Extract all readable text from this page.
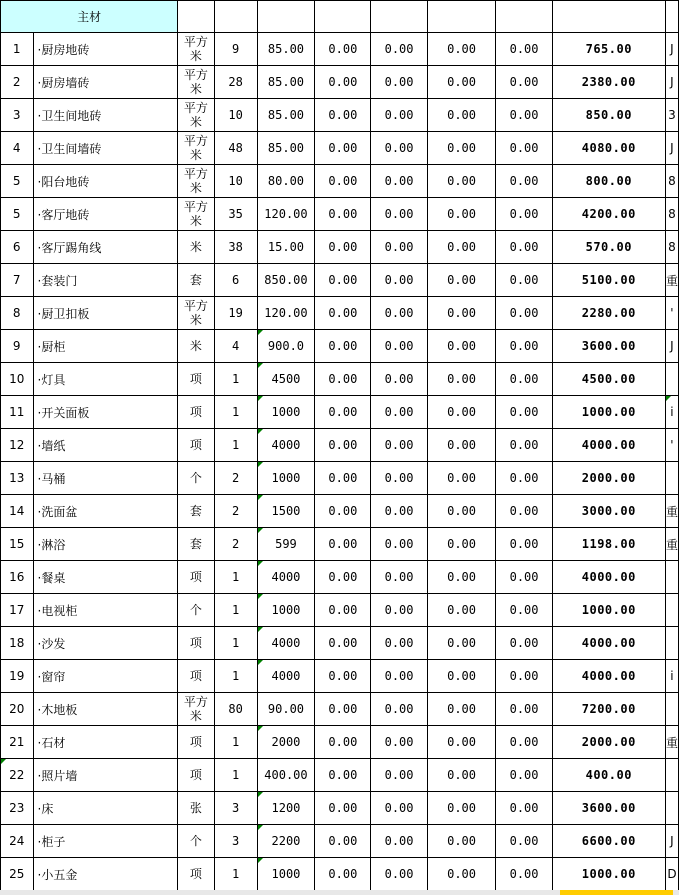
主材										
1	·厨房地砖	平方米	9	85.00	0.00	0.00	0.00	0.00	765.00	J
2	·厨房墙砖	平方米	28	85.00	0.00	0.00	0.00	0.00	2380.00	J
3	·卫生间地砖	平方米	10	85.00	0.00	0.00	0.00	0.00	850.00	3
4	·卫生间墙砖	平方米	48	85.00	0.00	0.00	0.00	0.00	4080.00	J
5	·阳台地砖	平方米	10	80.00	0.00	0.00	0.00	0.00	800.00	8
5	·客厅地砖	平方米	35	120.00	0.00	0.00	0.00	0.00	4200.00	8
6	·客厅踢角线	米	38	15.00	0.00	0.00	0.00	0.00	570.00	8
7	·套装门	套	6	850.00	0.00	0.00	0.00	0.00	5100.00	重
8	·厨卫扣板	平方米	19	120.00	0.00	0.00	0.00	0.00	2280.00	'
9	·厨柜	米	4	900.0	0.00	0.00	0.00	0.00	3600.00	J
10	·灯具	项	1	4500	0.00	0.00	0.00	0.00	4500.00	
11	·开关面板	项	1	1000	0.00	0.00	0.00	0.00	1000.00	i
12	·墙纸	项	1	4000	0.00	0.00	0.00	0.00	4000.00	'
13	·马桶	个	2	1000	0.00	0.00	0.00	0.00	2000.00	
14	·洗面盆	套	2	1500	0.00	0.00	0.00	0.00	3000.00	重
15	·淋浴	套	2	599	0.00	0.00	0.00	0.00	1198.00	重
16	·餐桌	项	1	4000	0.00	0.00	0.00	0.00	4000.00	
17	·电视柜	个	1	1000	0.00	0.00	0.00	0.00	1000.00	
18	·沙发	项	1	4000	0.00	0.00	0.00	0.00	4000.00	
19	·窗帘	项	1	4000	0.00	0.00	0.00	0.00	4000.00	i
20	·木地板	平方米	80	90.00	0.00	0.00	0.00	0.00	7200.00	
21	·石材	项	1	2000	0.00	0.00	0.00	0.00	2000.00	重
22	·照片墙	项	1	400.00	0.00	0.00	0.00	0.00	400.00	
23	·床	张	3	1200	0.00	0.00	0.00	0.00	3600.00	
24	·柜子	个	3	2200	0.00	0.00	0.00	0.00	6600.00	J
25	·小五金	项	1	1000	0.00	0.00	0.00	0.00	1000.00	D
